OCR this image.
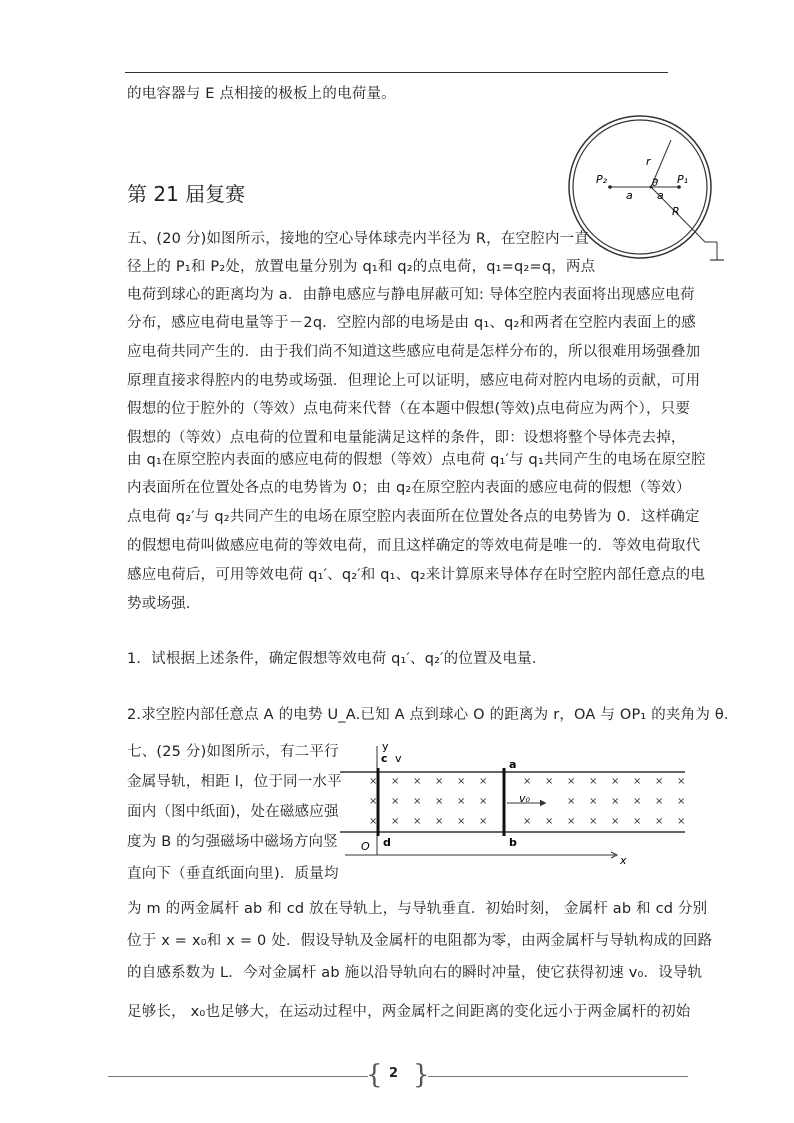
的电容器与 E 点相接的极板上的电荷量。
第 21 届复赛
五、(20 分)如图所示，接地的空心导体球壳内半径为 R，在空腔内一直
径上的 P₁和 P₂处，放置电量分别为 q₁和 q₂的点电荷，q₁=q₂=q，两点
电荷到球心的距离均为 a．由静电感应与静电屏蔽可知: 导体空腔内表面将出现感应电荷
分布，感应电荷电量等于－2q．空腔内部的电场是由 q₁、q₂和两者在空腔内表面上的感
应电荷共同产生的．由于我们尚不知道这些感应电荷是怎样分布的，所以很难用场强叠加
原理直接求得腔内的电势或场强．但理论上可以证明，感应电荷对腔内电场的贡献，可用
假想的位于腔外的（等效）点电荷来代替（在本题中假想(等效)点电荷应为两个），只要
假想的（等效）点电荷的位置和电量能满足这样的条件，即：设想将整个导体壳去掉，
由 q₁在原空腔内表面的感应电荷的假想（等效）点电荷 q₁′与 q₁共同产生的电场在原空腔
内表面所在位置处各点的电势皆为 0；由 q₂在原空腔内表面的感应电荷的假想（等效）
点电荷 q₂′与 q₂共同产生的电场在原空腔内表面所在位置处各点的电势皆为 0．这样确定
的假想电荷叫做感应电荷的等效电荷，而且这样确定的等效电荷是唯一的．等效电荷取代
感应电荷后，可用等效电荷 q₁′、q₂′和 q₁、q₂来计算原来导体存在时空腔内部任意点的电
势或场强．
1．试根据上述条件，确定假想等效电荷 q₁′、q₂′的位置及电量．
2.求空腔内部任意点 A 的电势 U_A.已知 A 点到球心 O 的距离为 r，OA 与 OP₁ 的夹角为 θ．
七、(25 分)如图所示，有二平行
金属导轨，相距 l，位于同一水平
面内（图中纸面)，处在磁感应强
度为 B 的匀强磁场中磁场方向竖
直向下（垂直纸面向里)．质量均
为 m 的两金属杆 ab 和 cd 放在导轨上，与导轨垂直．初始时刻， 金属杆 ab 和 cd 分别
位于 x = x₀和 x = 0 处．假设导轨及金属杆的电阻都为零，由两金属杆与导轨构成的回路
的自感系数为 L．今对金属杆 ab 施以沿导轨向右的瞬时冲量，使它获得初速 v₀．设导轨
足够长， x₀也足够大，在运动过程中，两金属杆之间距离的变化远小于两金属杆的初始
P₂	P₁
a a
r
R
θ
× × × × × ×	× × × × × × × ×
× × × × × ×	× × × × × ×
× × × × × ×	× × × × × × × ×
y
c v	a
v₀
O d	b
x
{ }
2
